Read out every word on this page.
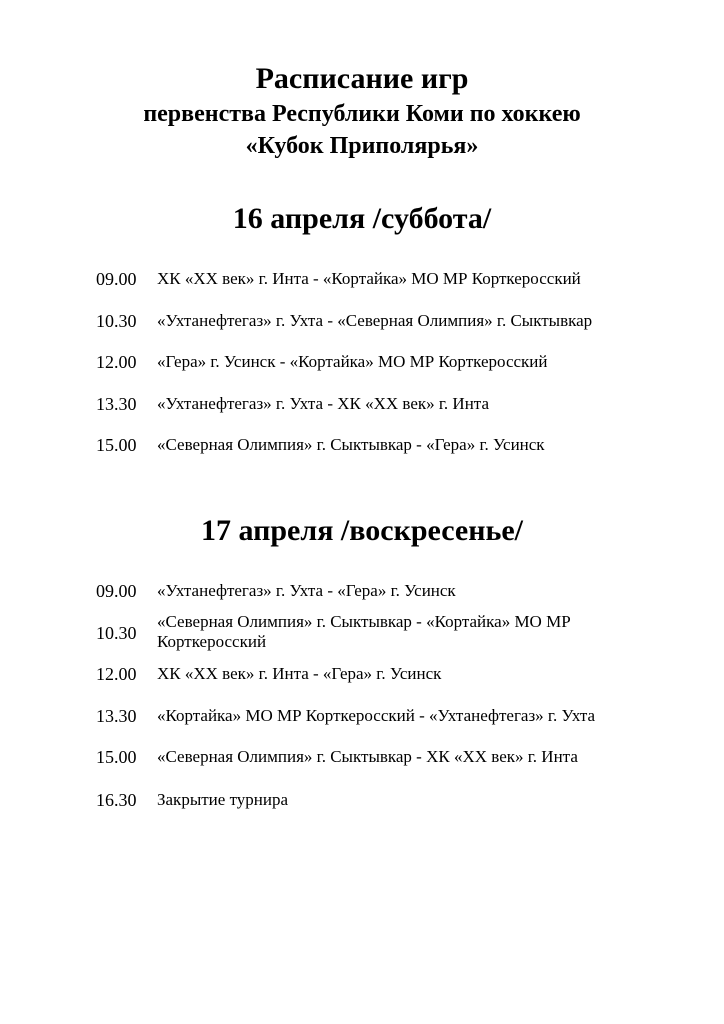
Расписание игр
первенства Республики Коми по хоккею
«Кубок Приполярья»
16 апреля /суббота/
09.00 ХК «ХХ век» г. Инта - «Кортайка» МО МР Корткеросский
10.30 «Ухтанефтегаз» г. Ухта - «Северная Олимпия» г. Сыктывкар
12.00 «Гера» г. Усинск - «Кортайка» МО МР Корткеросский
13.30 «Ухтанефтегаз» г. Ухта - ХК «ХХ век» г. Инта
15.00 «Северная Олимпия» г. Сыктывкар - «Гера» г. Усинск
17 апреля /воскресенье/
09.00 «Ухтанефтегаз» г. Ухта - «Гера» г. Усинск
10.30
«Северная Олимпия» г. Сыктывкар - «Кортайка» МО МР Корткеросский
12.00 ХК «ХХ век» г. Инта - «Гера» г. Усинск
13.30 «Кортайка» МО МР Корткеросский - «Ухтанефтегаз» г. Ухта
15.00 «Северная Олимпия» г. Сыктывкар - ХК «ХХ век» г. Инта
16.30 Закрытие турнира
